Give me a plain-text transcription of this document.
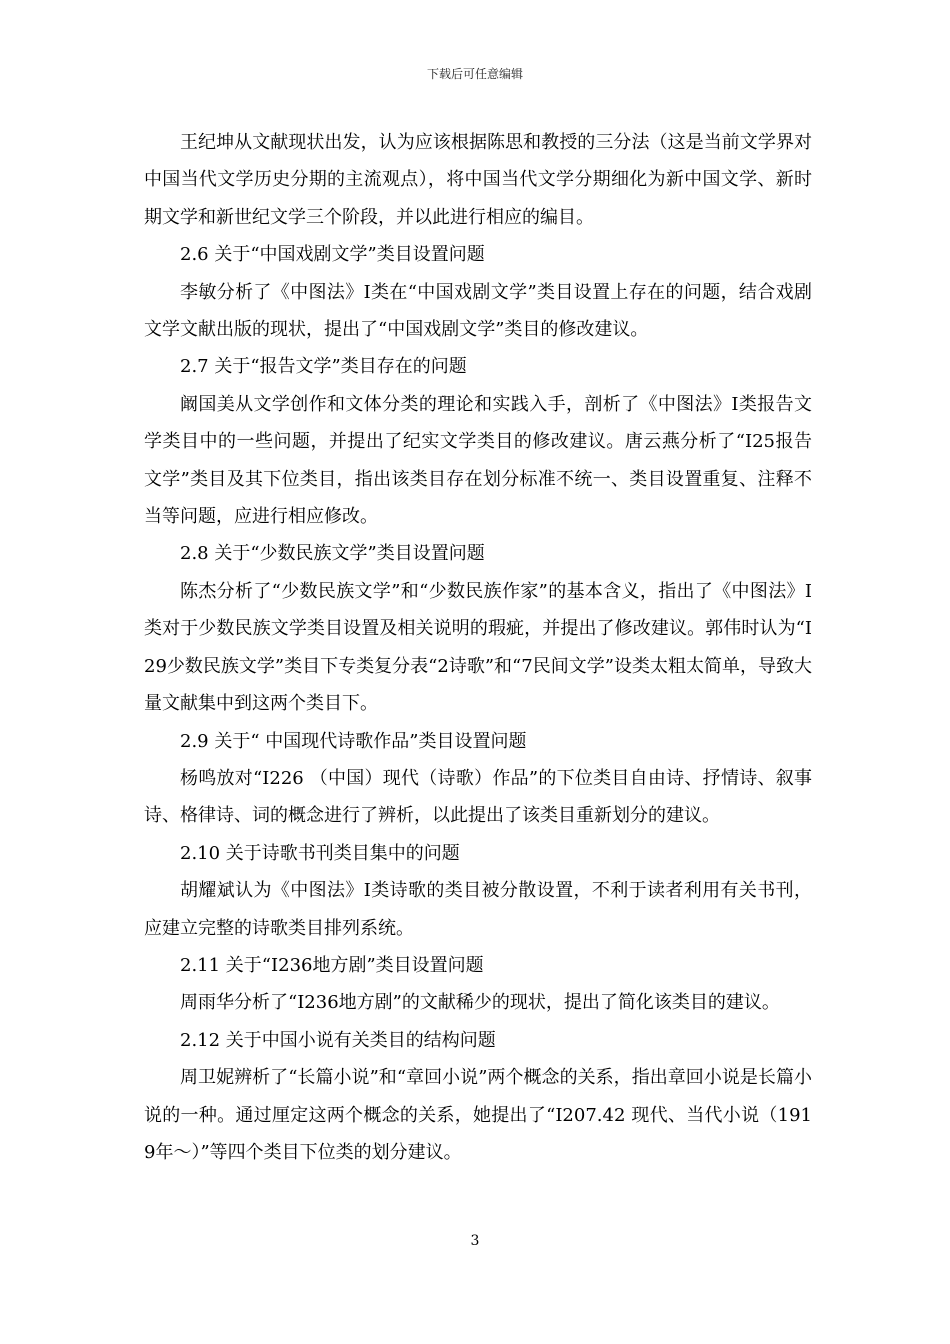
下载后可任意编辑

王纪坤从文献现状出发，认为应该根据陈思和教授的三分法（这是当前文学界对中国当代文学历史分期的主流观点），将中国当代文学分期细化为新中国文学、新时期文学和新世纪文学三个阶段，并以此进行相应的编目。

2.6 关于“中国戏剧文学”类目设置问题

李敏分析了《中图法》I类在“中国戏剧文学”类目设置上存在的问题，结合戏剧文学文献出版的现状，提出了“中国戏剧文学”类目的修改建议。

2.7 关于“报告文学”类目存在的问题

阚国美从文学创作和文体分类的理论和实践入手，剖析了《中图法》I类报告文学类目中的一些问题，并提出了纪实文学类目的修改建议。唐云燕分析了“I25报告文学”类目及其下位类目，指出该类目存在划分标准不统一、类目设置重复、注释不当等问题，应进行相应修改。

2.8 关于“少数民族文学”类目设置问题

陈杰分析了“少数民族文学”和“少数民族作家”的基本含义，指出了《中图法》I类对于少数民族文学类目设置及相关说明的瑕疵，并提出了修改建议。郭伟时认为“I29少数民族文学”类目下专类复分表“2诗歌”和“7民间文学”设类太粗太简单，导致大量文献集中到这两个类目下。

2.9 关于“ 中国现代诗歌作品”类目设置问题

杨鸣放对“I226 （中国）现代（诗歌）作品”的下位类目自由诗、抒情诗、叙事诗、格律诗、词的概念进行了辨析，以此提出了该类目重新划分的建议。

2.10 关于诗歌书刊类目集中的问题

胡耀斌认为《中图法》I类诗歌的类目被分散设置，不利于读者利用有关书刊，应建立完整的诗歌类目排列系统。

2.11 关于“I236地方剧”类目设置问题

周雨华分析了“I236地方剧”的文献稀少的现状，提出了简化该类目的建议。

2.12 关于中国小说有关类目的结构问题

周卫妮辨析了“长篇小说”和“章回小说”两个概念的关系，指出章回小说是长篇小说的一种。通过厘定这两个概念的关系，她提出了“I207.42 现代、当代小说（1919年～）”等四个类目下位类的划分建议。

3
